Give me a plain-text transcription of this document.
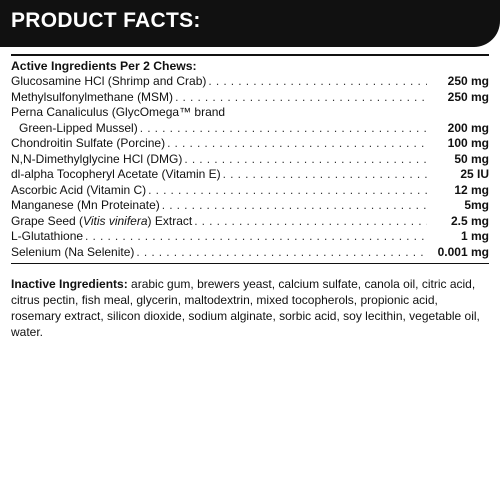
PRODUCT FACTS:
Active Ingredients Per 2 Chews:
Glucosamine HCl (Shrimp and Crab) . . .	250 mg
Methylsulfonylmethane (MSM) . . .	250 mg
Perna Canaliculus (GlycOmega™ brand
Green-Lipped Mussel) . . .	200 mg
Chondroitin Sulfate (Porcine) . . .	100 mg
N,N-Dimethylglycine HCl (DMG) . . .	50 mg
dl-alpha Tocopheryl Acetate (Vitamin E) . . .	25 IU
Ascorbic Acid (Vitamin C) . . .	12 mg
Manganese (Mn Proteinate) . . .	5mg
Grape Seed (Vitis vinifera) Extract . . .	2.5 mg
L-Glutathione . . .	1 mg
Selenium (Na Selenite) . . .	0.001 mg

Inactive Ingredients: arabic gum, brewers yeast, calcium sulfate, canola oil, citric acid, citrus pectin, fish meal, glycerin, maltodextrin, mixed tocopherols, propionic acid, rosemary extract, silicon dioxide, sodium alginate, sorbic acid, soy lecithin, vegetable oil, water.
